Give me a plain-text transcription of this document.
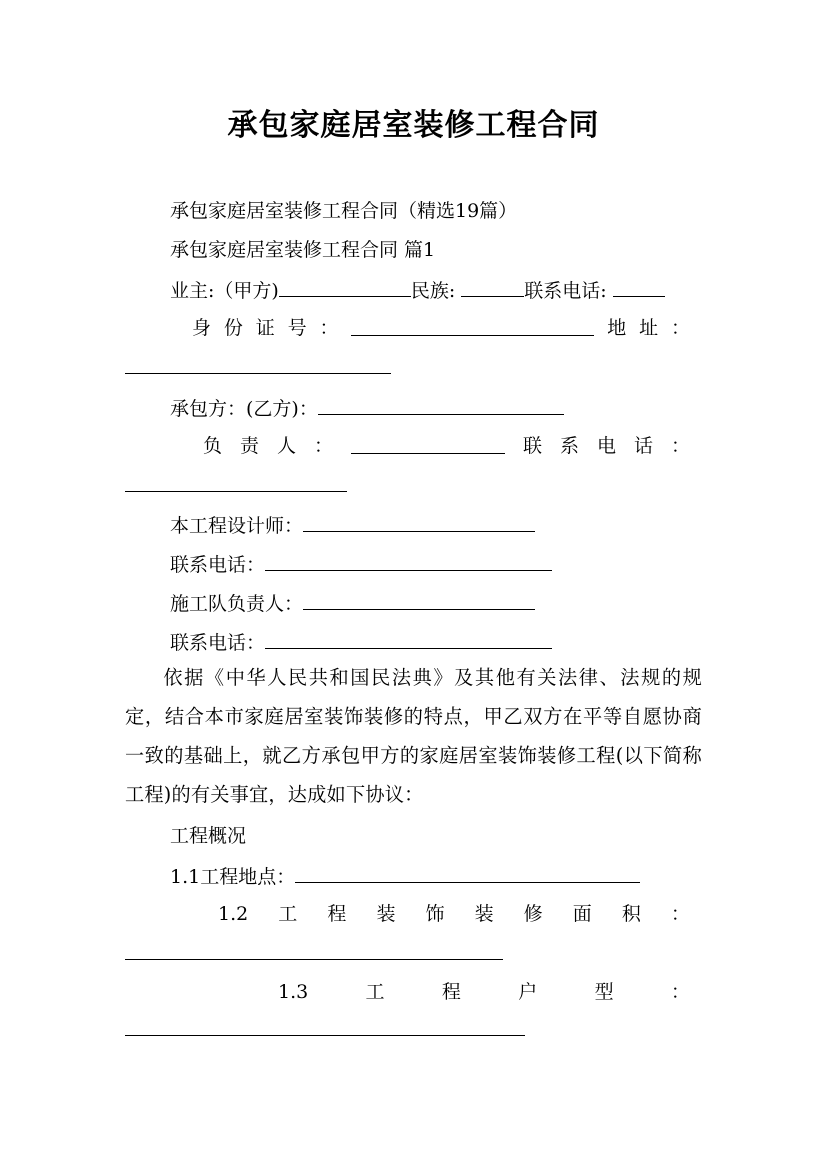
承包家庭居室装修工程合同
承包家庭居室装修工程合同（精选19篇）
承包家庭居室装修工程合同 篇1
业主:（甲方)	民族:	联系电话:
身 份 证 号 ：	地 址 ：
承包方：(乙方)：
负 责 人 ：	联 系 电 话 ：
本工程设计师：
联系电话：
施工队负责人：
联系电话：
依据《中华人民共和国民法典》及其他有关法律、法规的规定，结合本市家庭居室装饰装修的特点，甲乙双方在平等自愿协商一致的基础上，就乙方承包甲方的家庭居室装饰装修工程(以下简称工程)的有关事宜，达成如下协议：
工程概况
1.1工程地点：
1.2 工 程 装 饰 装 修 面 积 ：
1.3	工	程	户	型	：
